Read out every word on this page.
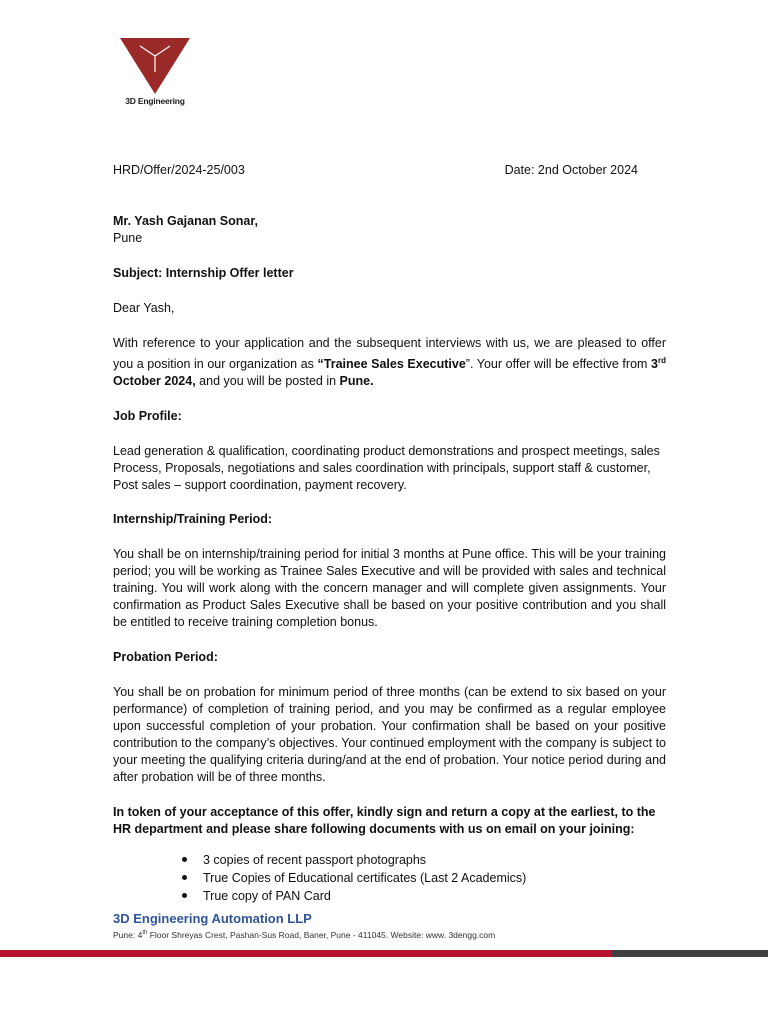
3D Engineering
HRD/Offer/2024-25/003	Date: 2nd October 2024

Mr. Yash Gajanan Sonar,

Pune

Subject: Internship Offer letter

Dear Yash,

With reference to your application and the subsequent interviews with us, we are pleased to offer you a position in our organization as “Trainee Sales Executive”. Your offer will be effective from 3rd October 2024, and you will be posted in Pune.

Job Profile:

Lead generation & qualification, coordinating product demonstrations and prospect meetings, sales Process, Proposals, negotiations and sales coordination with principals, support staff & customer, Post sales – support coordination, payment recovery.

Internship/Training Period:

You shall be on internship/training period for initial 3 months at Pune office. This will be your training period; you will be working as Trainee Sales Executive and will be provided with sales and technical training. You will work along with the concern manager and will complete given assignments. Your confirmation as Product Sales Executive shall be based on your positive contribution and you shall be entitled to receive training completion bonus.

Probation Period:

You shall be on probation for minimum period of three months (can be extend to six based on your performance) of completion of training period, and you may be confirmed as a regular employee upon successful completion of your probation. Your confirmation shall be based on your positive contribution to the company’s objectives. Your continued employment with the company is subject to your meeting the qualifying criteria during/and at the end of probation. Your notice period during and after probation will be of three months.

In token of your acceptance of this offer, kindly sign and return a copy at the earliest, to the HR department and please share following documents with us on email on your joining:

3 copies of recent passport photographs
True Copies of Educational certificates (Last 2 Academics)
True copy of PAN Card
3D Engineering Automation LLP
Pune: 4th Floor Shreyas Crest, Pashan-Sus Road, Baner, Pune - 411045. Website: www. 3dengg.com
